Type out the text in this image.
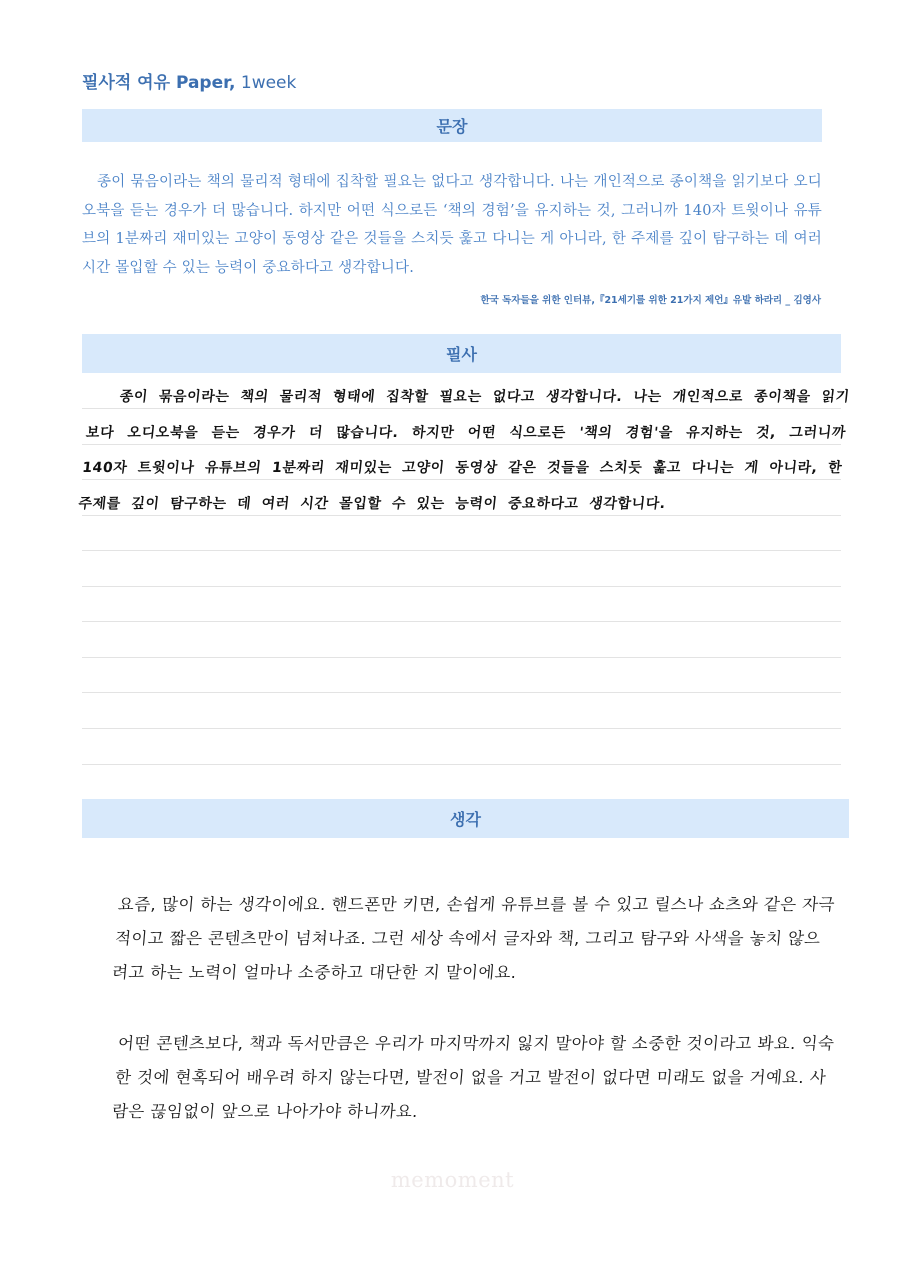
필사적 여유 Paper, 1week
문장
종이 묶음이라는 책의 물리적 형태에 집착할 필요는 없다고 생각합니다. 나는 개인적으로 종이책을 읽기보다 오디오북을 듣는 경우가 더 많습니다. 하지만 어떤 식으로든 ‘책의 경험’을 유지하는 것, 그러니까 140자 트윗이나 유튜브의 1분짜리 재미있는 고양이 동영상 같은 것들을 스치듯 훑고 다니는 게 아니라, 한 주제를 깊이 탐구하는 데 여러 시간 몰입할 수 있는 능력이 중요하다고 생각합니다.
한국 독자들을 위한 인터뷰,『21세기를 위한 21가지 제언』유발 하라리 _ 김영사
필사
종이 묶음이라는 책의 물리적 형태에 집착할 필요는 없다고 생각합니다. 나는 개인적으로 종이책을 읽기보다 오디오북을 듣는 경우가 더 많습니다. 하지만 어떤 식으로든 '책의 경험'을 유지하는 것, 그러니까 140자 트윗이나 유튜브의 1분짜리 재미있는 고양이 동영상 같은 것들을 스치듯 훑고 다니는 게 아니라, 한 주제를 깊이 탐구하는 데 여러 시간 몰입할 수 있는 능력이 중요하다고 생각합니다.
생각
요즘, 많이 하는 생각이에요. 핸드폰만 키면, 손쉽게 유튜브를 볼 수 있고 릴스나 쇼츠와 같은 자극적이고 짧은 콘텐츠만이 넘쳐나죠. 그런 세상 속에서 글자와 책, 그리고 탐구와 사색을 놓치 않으려고 하는 노력이 얼마나 소중하고 대단한 지 말이에요.
어떤 콘텐츠보다, 책과 독서만큼은 우리가 마지막까지 잃지 말아야 할 소중한 것이라고 봐요. 익숙한 것에 현혹되어 배우려 하지 않는다면, 발전이 없을 거고 발전이 없다면 미래도 없을 거예요. 사람은 끊임없이 앞으로 나아가야 하니까요.
memoment
